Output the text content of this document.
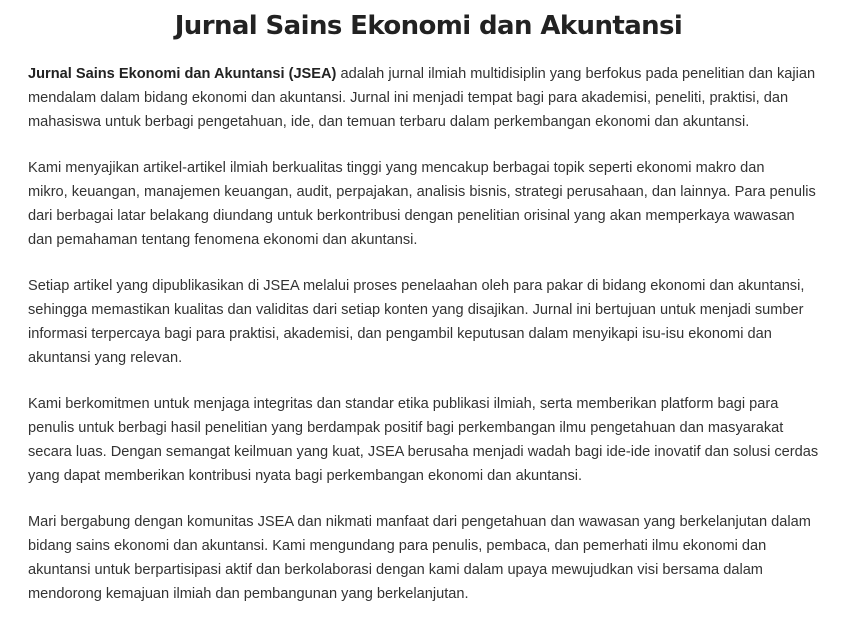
Jurnal Sains Ekonomi dan Akuntansi

Jurnal Sains Ekonomi dan Akuntansi (JSEA) adalah jurnal ilmiah multidisiplin yang berfokus pada penelitian dan kajian
mendalam dalam bidang ekonomi dan akuntansi. Jurnal ini menjadi tempat bagi para akademisi, peneliti, praktisi, dan
mahasiswa untuk berbagi pengetahuan, ide, dan temuan terbaru dalam perkembangan ekonomi dan akuntansi.

Kami menyajikan artikel-artikel ilmiah berkualitas tinggi yang mencakup berbagai topik seperti ekonomi makro dan
mikro, keuangan, manajemen keuangan, audit, perpajakan, analisis bisnis, strategi perusahaan, dan lainnya. Para penulis
dari berbagai latar belakang diundang untuk berkontribusi dengan penelitian orisinal yang akan memperkaya wawasan
dan pemahaman tentang fenomena ekonomi dan akuntansi.

Setiap artikel yang dipublikasikan di JSEA melalui proses penelaahan oleh para pakar di bidang ekonomi dan akuntansi,
sehingga memastikan kualitas dan validitas dari setiap konten yang disajikan. Jurnal ini bertujuan untuk menjadi sumber
informasi terpercaya bagi para praktisi, akademisi, dan pengambil keputusan dalam menyikapi isu-isu ekonomi dan
akuntansi yang relevan.

Kami berkomitmen untuk menjaga integritas dan standar etika publikasi ilmiah, serta memberikan platform bagi para
penulis untuk berbagi hasil penelitian yang berdampak positif bagi perkembangan ilmu pengetahuan dan masyarakat
secara luas. Dengan semangat keilmuan yang kuat, JSEA berusaha menjadi wadah bagi ide-ide inovatif dan solusi cerdas
yang dapat memberikan kontribusi nyata bagi perkembangan ekonomi dan akuntansi.

Mari bergabung dengan komunitas JSEA dan nikmati manfaat dari pengetahuan dan wawasan yang berkelanjutan dalam
bidang sains ekonomi dan akuntansi. Kami mengundang para penulis, pembaca, dan pemerhati ilmu ekonomi dan
akuntansi untuk berpartisipasi aktif dan berkolaborasi dengan kami dalam upaya mewujudkan visi bersama dalam
mendorong kemajuan ilmiah dan pembangunan yang berkelanjutan.
